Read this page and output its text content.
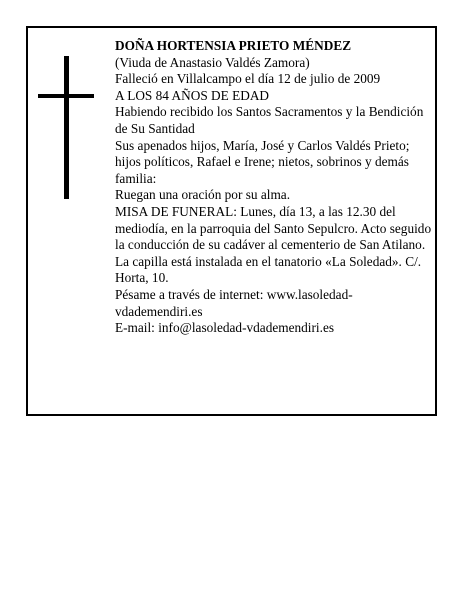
DOÑA HORTENSIA PRIETO MÉNDEZ

(Viuda de Anastasio Valdés Zamora)

Falleció en Villalcampo el día 12 de julio de 2009

A LOS 84 AÑOS DE EDAD

Habiendo recibido los Santos Sacramentos y la Bendición de Su Santidad

Sus apenados hijos, María, José y Carlos Valdés Prieto; hijos políticos, Rafael e Irene; nietos, sobrinos y demás familia:

Ruegan una oración por su alma.

MISA DE FUNERAL: Lunes, día 13, a las 12.30 del mediodía, en la parroquia del Santo Sepulcro. Acto seguido la conducción de su cadáver al cementerio de San Atilano.

La capilla está instalada en el tanatorio «La Soledad». C/. Horta, 10.

Pésame a través de internet: www.lasoledad-vdademendiri.es

E-mail: info@lasoledad-vdademendiri.es
